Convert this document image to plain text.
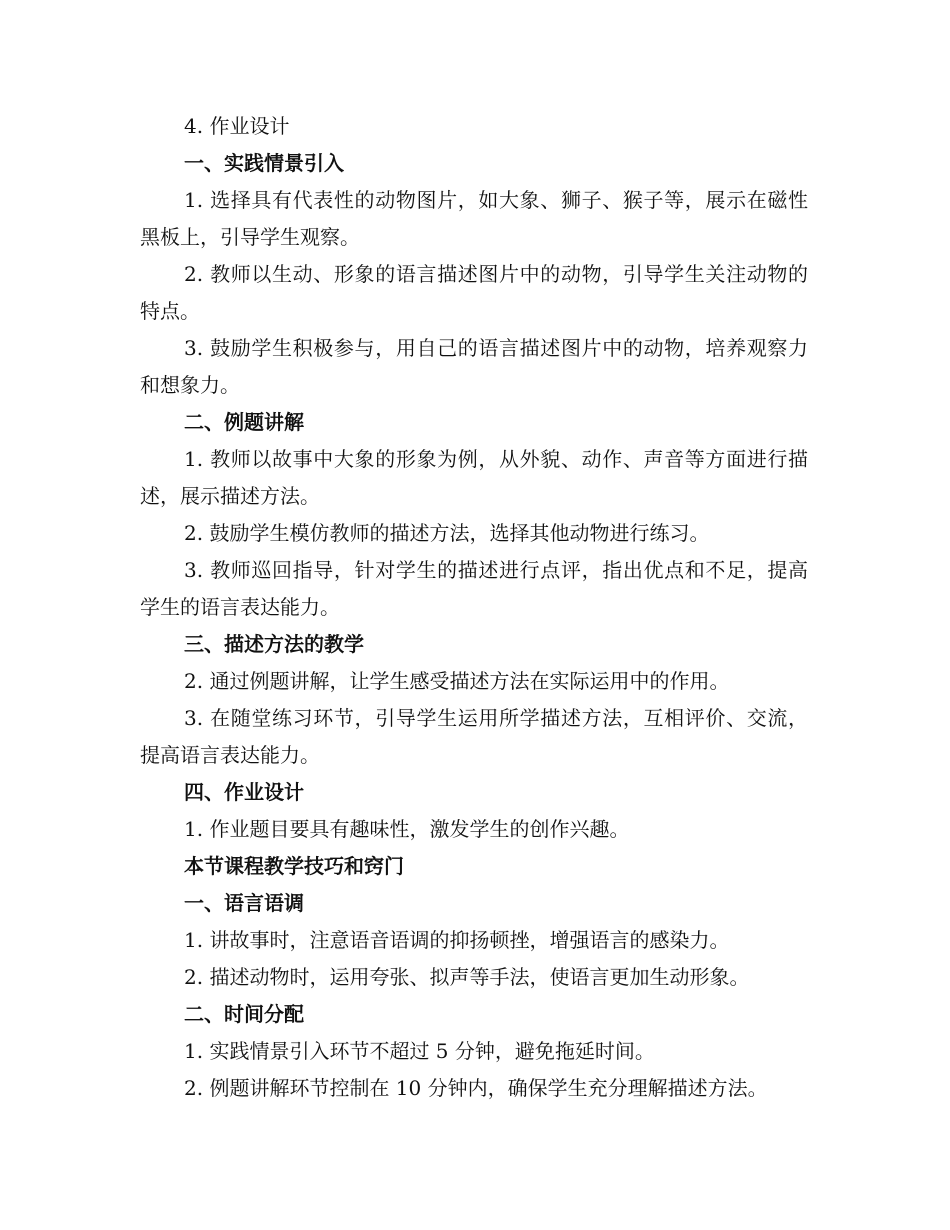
4. 作业设计
一、实践情景引入

1. 选择具有代表性的动物图片，如大象、狮子、猴子等，展示在磁性黑板上，引导学生观察。

2. 教师以生动、形象的语言描述图片中的动物，引导学生关注动物的特点。

3. 鼓励学生积极参与，用自己的语言描述图片中的动物，培养观察力和想象力。

二、例题讲解

1. 教师以故事中大象的形象为例，从外貌、动作、声音等方面进行描述，展示描述方法。

2. 鼓励学生模仿教师的描述方法，选择其他动物进行练习。

3. 教师巡回指导，针对学生的描述进行点评，指出优点和不足，提高学生的语言表达能力。

三、描述方法的教学
2. 通过例题讲解，让学生感受描述方法在实际运用中的作用。

3. 在随堂练习环节，引导学生运用所学描述方法，互相评价、交流，提高语言表达能力。

四、作业设计
1. 作业题目要具有趣味性，激发学生的创作兴趣。
本节课程教学技巧和窍门
一、语言语调
1. 讲故事时，注意语音语调的抑扬顿挫，增强语言的感染力。
2. 描述动物时，运用夸张、拟声等手法，使语言更加生动形象。
二、时间分配
1. 实践情景引入环节不超过 5 分钟，避免拖延时间。
2. 例题讲解环节控制在 10 分钟内，确保学生充分理解描述方法。
